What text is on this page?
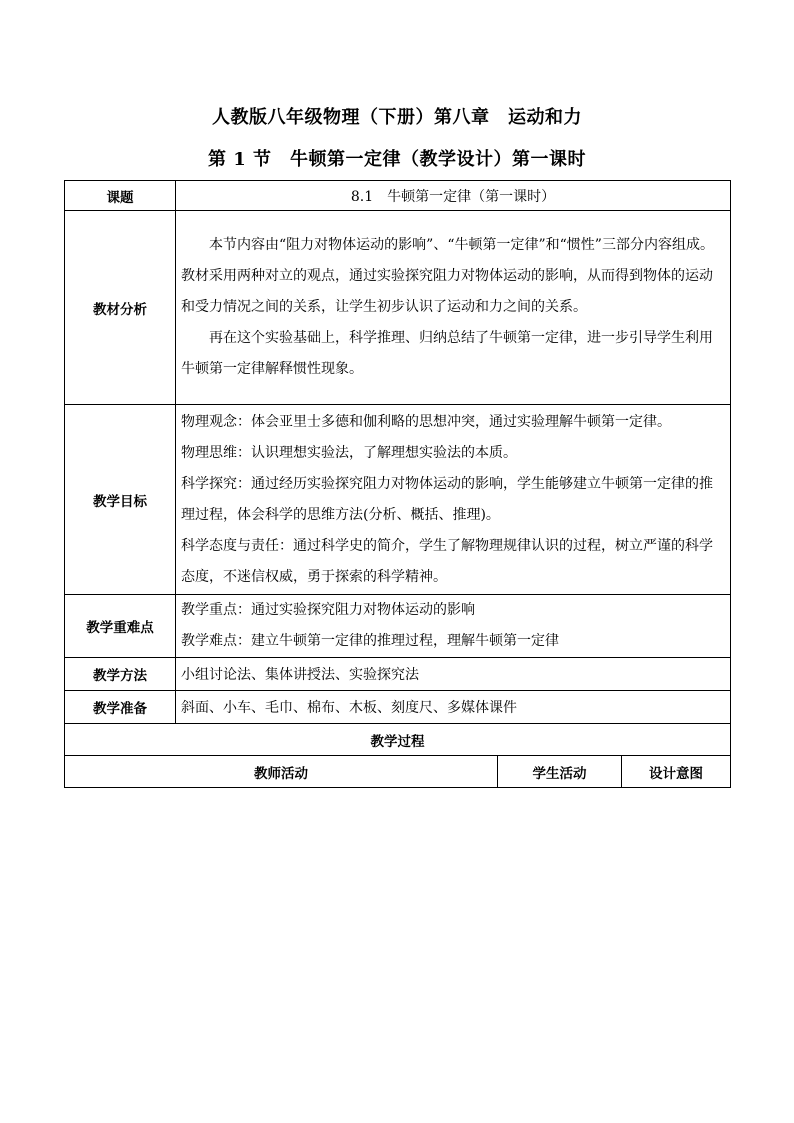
人教版八年级物理（下册）第八章　运动和力
第 1 节　牛顿第一定律（教学设计）第一课时
课题	8.1　牛顿第一定律（第一课时）		
教材分析	本节内容由“阻力对物体运动的影响”、“牛顿第一定律”和“惯性”三部分内容组成。教材采用两种对立的观点，通过实验探究阻力对物体运动的影响，从而得到物体的运动和受力情况之间的关系，让学生初步认识了运动和力之间的关系。
再在这个实验基础上，科学推理、归纳总结了牛顿第一定律，进一步引导学生利用牛顿第一定律解释惯性现象。		

教学目标	物理观念：体会亚里士多德和伽利略的思想冲突，通过实验理解牛顿第一定律。
物理思维：认识理想实验法，了解理想实验法的本质。
科学探究：通过经历实验探究阻力对物体运动的影响，学生能够建立牛顿第一定律的推理过程，体会科学的思维方法(分析、概括、推理)。
科学态度与责任：通过科学史的简介，学生了解物理规律认识的过程，树立严谨的科学态度，不迷信权威，勇于探索的科学精神。		

教学重难点	教学重点：通过实验探究阻力对物体运动的影响
教学难点：建立牛顿第一定律的推理过程，理解牛顿第一定律		

教学方法	小组讨论法、集体讲授法、实验探究法		
教学准备	斜面、小车、毛巾、棉布、木板、刻度尺、多媒体课件		
教学过程			
教师活动		学生活动	设计意图
